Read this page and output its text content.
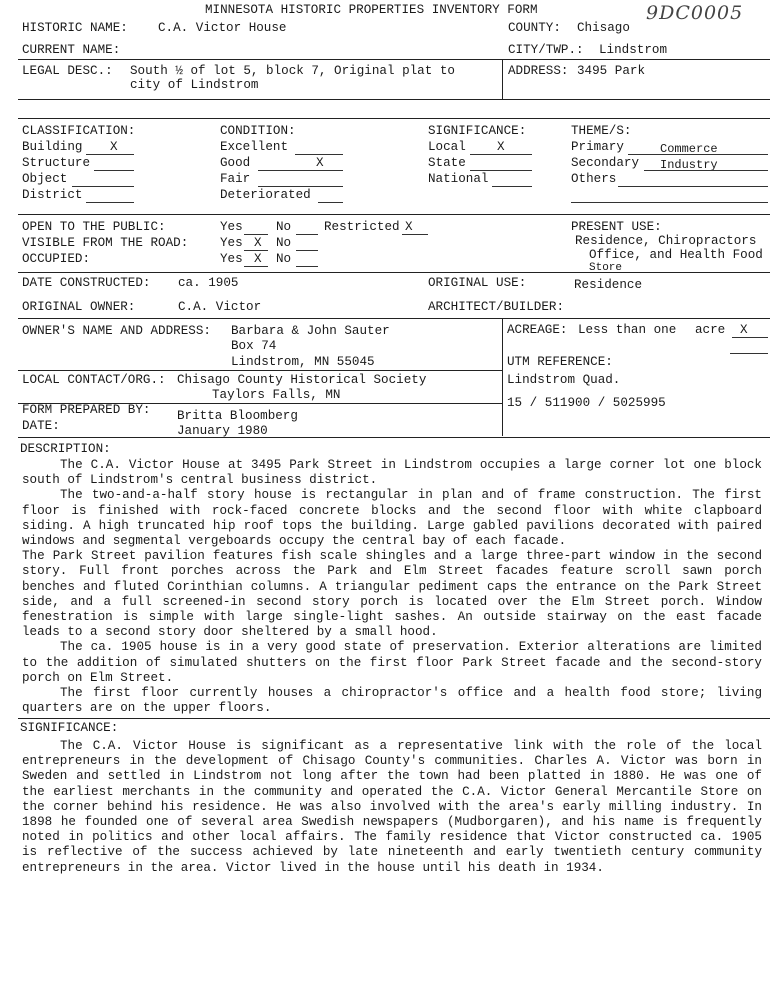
MINNESOTA HISTORIC PROPERTIES INVENTORY FORM	9DC0005
HISTORIC NAME: C.A. Victor House	COUNTY: Chisago
CURRENT NAME:	CITY/TWP.: Lindstrom
LEGAL DESC.: South ½ of lot 5, block 7, Original plat to
city of Lindstrom
ADDRESS: 3495 Park
CLASSIFICATION:
Building X
Structure
Object
District
CONDITION:
Excellent
Good	X
Fair
Deteriorated
SIGNIFICANCE:
Local X
State
National
THEME/S:
Primary	Commerce
Secondary Industry
Others
OPEN TO THE PUBLIC:	Yes	No	Restricted X
VISIBLE FROM THE ROAD:	Yes X No
OCCUPIED:	Yes X No
PRESENT USE:
Residence, Chiropractors
Office, and Health Food
Store
DATE CONSTRUCTED: ca. 1905	ORIGINAL USE:	Residence
ORIGINAL OWNER:	C.A. Victor	ARCHITECT/BUILDER:
OWNER'S NAME AND ADDRESS: Barbara & John Sauter
Box 74
Lindstrom, MN 55045
ACREAGE: Less than one acre X
UTM REFERENCE:
Lindstrom Quad.
15 / 511900 / 5025995
LOCAL CONTACT/ORG.: Chisago County Historical Society
Taylors Falls, MN
FORM PREPARED BY: Britta Bloomberg
DATE:	January 1980
DESCRIPTION:

The C.A. Victor House at 3495 Park Street in Lindstrom occupies a large corner lot one block south of Lindstrom's central business district.

The two-and-a-half story house is rectangular in plan and of frame construction. The first floor is finished with rock-faced concrete blocks and the second floor with white clapboard siding. A high truncated hip roof tops the building. Large gabled pavilions decorated with paired windows and segmental vergeboards occupy the central bay of each facade.

The Park Street pavilion features fish scale shingles and a large three-part window in the second story. Full front porches across the Park and Elm Street facades feature scroll sawn porch benches and fluted Corinthian columns. A triangular pediment caps the entrance on the Park Street side, and a full screened-in second story porch is located over the Elm Street porch. Window fenestration is simple with large single-light sashes. An outside stairway on the east facade leads to a second story door sheltered by a small hood.

The ca. 1905 house is in a very good state of preservation. Exterior alterations are limited to the addition of simulated shutters on the first floor Park Street facade and the second-story porch on Elm Street.

The first floor currently houses a chiropractor's office and a health food store; living quarters are on the upper floors.

SIGNIFICANCE:

The C.A. Victor House is significant as a representative link with the role of the local entrepreneurs in the development of Chisago County's communities. Charles A. Victor was born in Sweden and settled in Lindstrom not long after the town had been platted in 1880. He was one of the earliest merchants in the community and operated the C.A. Victor General Mercantile Store on the corner behind his residence. He was also involved with the area's early milling industry. In 1898 he founded one of several area Swedish newspapers (Mudborgaren), and his name is frequently noted in politics and other local affairs. The family residence that Victor constructed ca. 1905 is reflective of the success achieved by late nineteenth and early twentieth century community entrepreneurs in the area. Victor lived in the house until his death in 1934.
